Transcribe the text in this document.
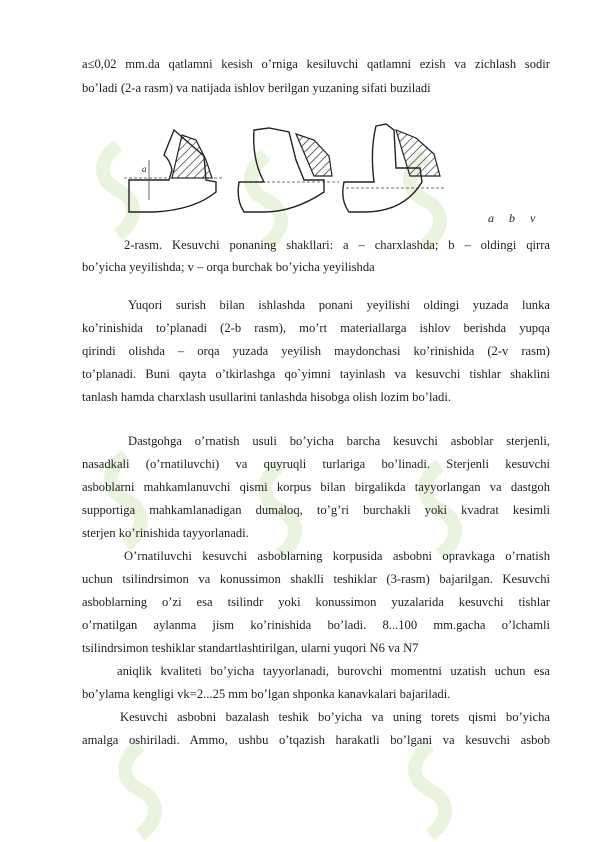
a≤0,02 mm.da qatlamni kesish o’rniga kesiluvchi qatlamni ezish va zichlash sodir
bo’ladi (2-a rasm) va natijada ishlov berilgan yuzaning sifati buziladi
a
a b v
2-rasm. Kesuvchi ponaning shakllari: a – charxlashda; b – oldingi qirra
bo’yicha yeyilishda; v – orqa burchak bo’yicha yeyilishda
Yuqori surish bilan ishlashda ponani yeyilishi oldingi yuzada lunka
ko’rinishida to’planadi (2-b rasm), mo’rt materiallarga ishlov berishda yupqa
qirindi olishda – orqa yuzada yeyilish maydonchasi ko’rinishida (2-v rasm)
to’planadi. Buni qayta o’tkirlashga qo`yimni tayinlash va kesuvchi tishlar shaklini
tanlash hamda charxlash usullarini tanlashda hisobga olish lozim bo’ladi.
Dastgohga o’rnatish usuli bo’yicha barcha kesuvchi asboblar sterjenli,
nasadkali (o’rnatiluvchi) va quyruqli turlariga bo’linadi. Sterjenli kesuvchi
asboblarni mahkamlanuvchi qismi korpus bilan birgalikda tayyorlangan va dastgoh
supportiga mahkamlanadigan dumaloq, to’g’ri burchakli yoki kvadrat kesimli
sterjen ko’rinishida tayyorlanadi.
O’rnatiluvchi kesuvchi asboblarning korpusida asbobni opravkaga o’rnatish
uchun tsilindrsimon va konussimon shaklli teshiklar (3-rasm) bajarilgan. Kesuvchi
asboblarning o’zi esa tsilindr yoki konussimon yuzalarida kesuvchi tishlar
o’rnatilgan aylanma jism ko’rinishida bo’ladi. 8...100 mm.gacha o’lchamli
tsilindrsimon teshiklar standartlashtirilgan, ularni yuqori N6 va N7
aniqlik kvaliteti bo’yicha tayyorlanadi, burovchi momentni uzatish uchun esa
bo’ylama kengligi vk=2...25 mm bo’lgan shponka kanavkalari bajariladi.
Kesuvchi asbobni bazalash teshik bo’yicha va uning torets qismi bo’yicha
amalga oshiriladi. Ammo, ushbu o’tqazish harakatli bo’lgani va kesuvchi asbob
